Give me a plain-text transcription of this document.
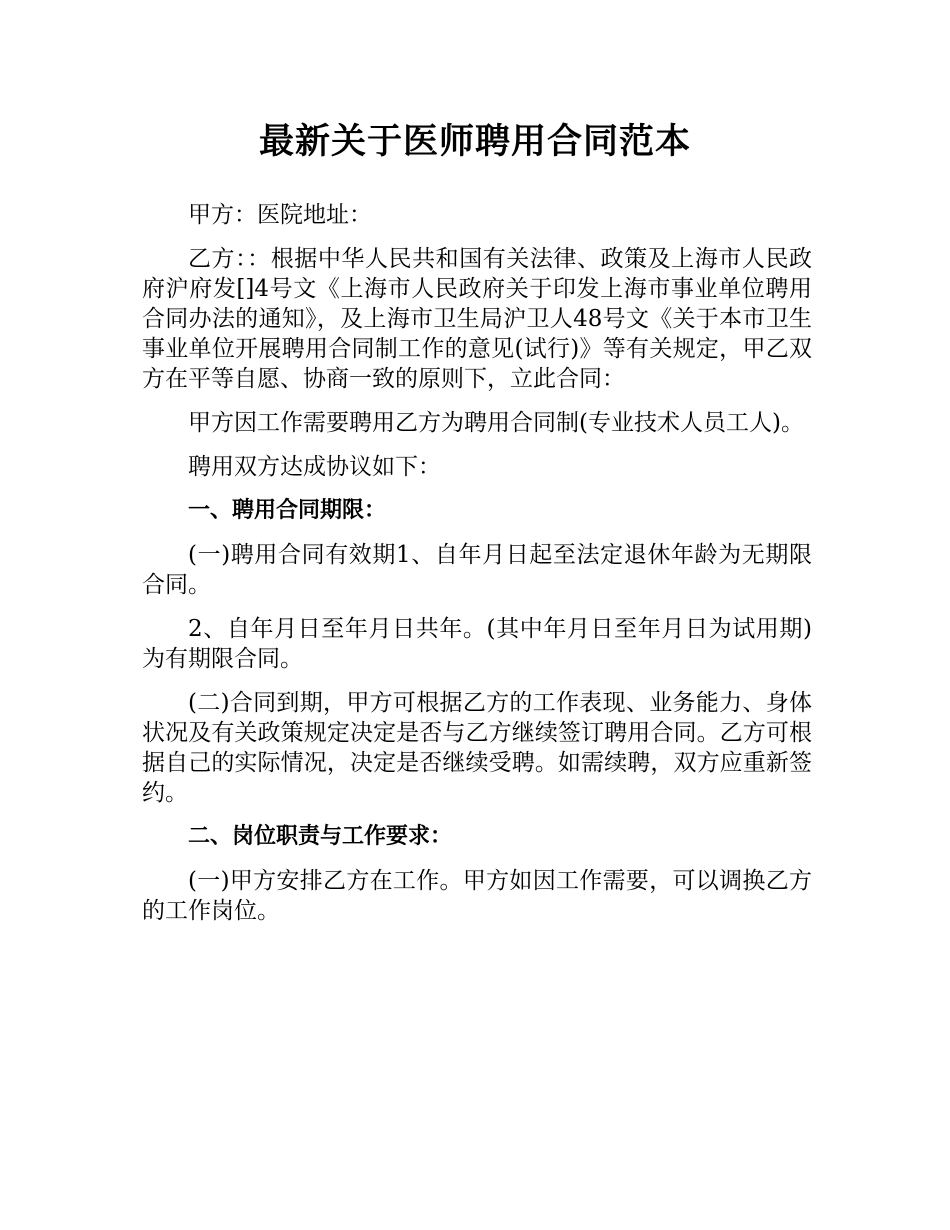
最新关于医师聘用合同范本

甲方：医院地址：

乙方：：根据中华人民共和国有关法律、政策及上海市人民政府沪府发[]4号文《上海市人民政府关于印发上海市事业单位聘用合同办法的通知》，及上海市卫生局沪卫人48号文《关于本市卫生事业单位开展聘用合同制工作的意见(试行)》等有关规定，甲乙双方在平等自愿、协商一致的原则下，立此合同：

甲方因工作需要聘用乙方为聘用合同制(专业技术人员工人)。

聘用双方达成协议如下：

一、聘用合同期限：

(一)聘用合同有效期1、自年月日起至法定退休年龄为无期限合同。

2、自年月日至年月日共年。(其中年月日至年月日为试用期)为有期限合同。

(二)合同到期，甲方可根据乙方的工作表现、业务能力、身体状况及有关政策规定决定是否与乙方继续签订聘用合同。乙方可根据自己的实际情况，决定是否继续受聘。如需续聘，双方应重新签约。

二、岗位职责与工作要求：

(一)甲方安排乙方在工作。甲方如因工作需要，可以调换乙方的工作岗位。
